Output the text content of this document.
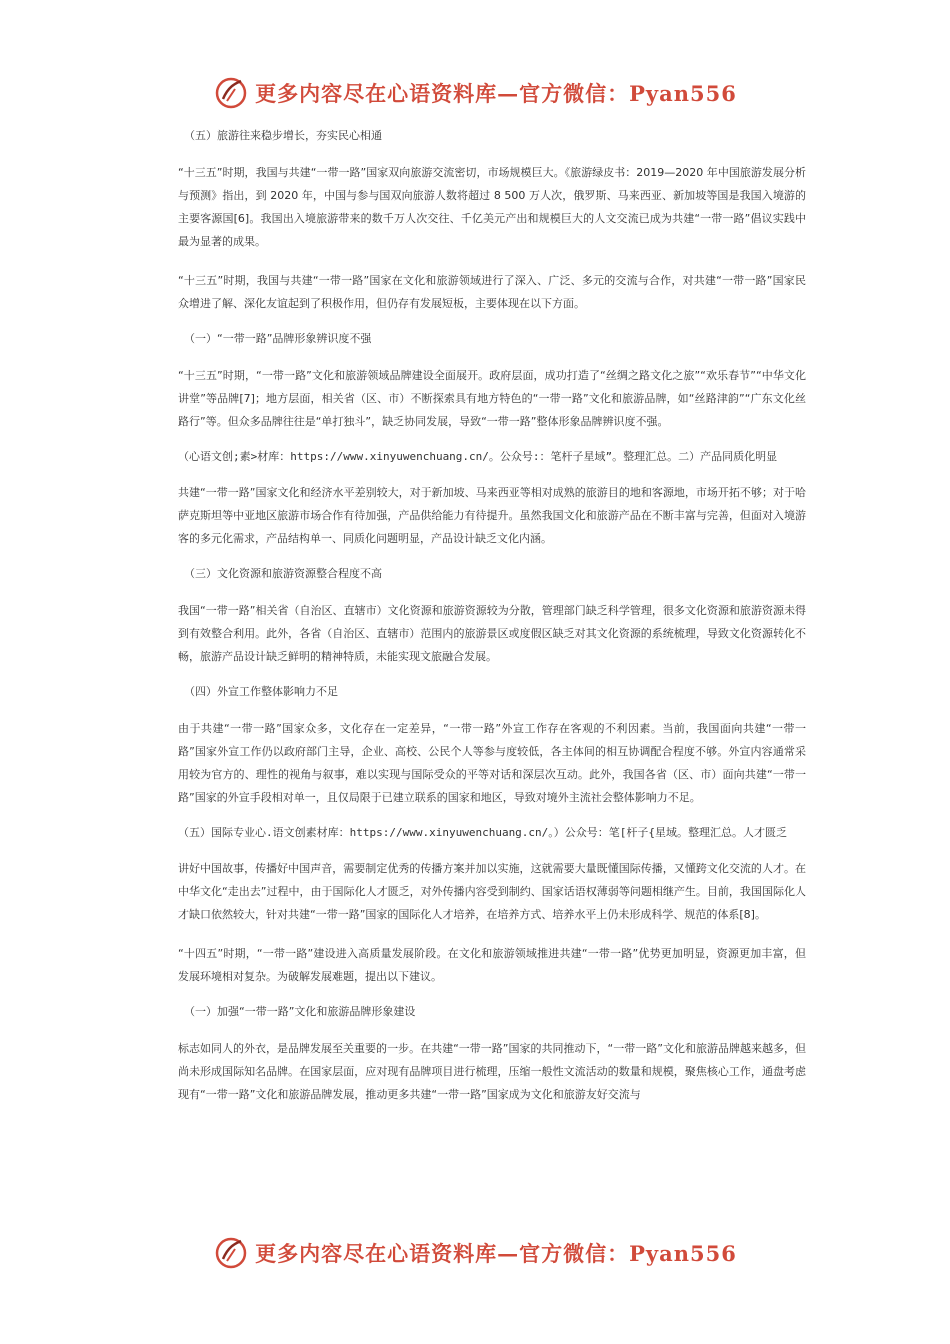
更多内容尽在心语资料库—官方微信：Pyan556
（五）旅游往来稳步增长，夯实民心相通
“十三五”时期，我国与共建“一带一路”国家双向旅游交流密切，市场规模巨大。《旅游绿皮书：2019—2020 年中国旅游发展分析与预测》指出，到 2020 年，中国与参与国双向旅游人数将超过 8 500 万人次，俄罗斯、马来西亚、新加坡等国是我国入境游的主要客源国[6]。我国出入境旅游带来的数千万人次交往、千亿美元产出和规模巨大的人文交流已成为共建“一带一路”倡议实践中最为显著的成果。
“十三五”时期，我国与共建“一带一路”国家在文化和旅游领域进行了深入、广泛、多元的交流与合作，对共建“一带一路”国家民众增进了解、深化友谊起到了积极作用，但仍存有发展短板，主要体现在以下方面。
（一）“一带一路”品牌形象辨识度不强
“十三五”时期，“一带一路”文化和旅游领域品牌建设全面展开。政府层面，成功打造了“丝绸之路文化之旅”“欢乐春节”“中华文化讲堂”等品牌[7]；地方层面，相关省（区、市）不断探索具有地方特色的“一带一路”文化和旅游品牌，如“丝路津韵”“广东文化丝路行”等。但众多品牌往往是“单打独斗”，缺乏协同发展，导致“一带一路”整体形象品牌辨识度不强。
（心语文创;素>材库：https://www.xinyuwenchuang.cn/。公众号:：笔杆子星域”。整理汇总。二）产品同质化明显
共建“一带一路”国家文化和经济水平差别较大，对于新加坡、马来西亚等相对成熟的旅游目的地和客源地，市场开拓不够；对于哈萨克斯坦等中亚地区旅游市场合作有待加强，产品供给能力有待提升。虽然我国文化和旅游产品在不断丰富与完善，但面对入境游客的多元化需求，产品结构单一、同质化问题明显，产品设计缺乏文化内涵。
（三）文化资源和旅游资源整合程度不高
我国“一带一路”相关省（自治区、直辖市）文化资源和旅游资源较为分散，管理部门缺乏科学管理，很多文化资源和旅游资源未得到有效整合利用。此外，各省（自治区、直辖市）范围内的旅游景区或度假区缺乏对其文化资源的系统梳理，导致文化资源转化不畅，旅游产品设计缺乏鲜明的精神特质，未能实现文旅融合发展。
（四）外宣工作整体影响力不足
由于共建“一带一路”国家众多，文化存在一定差异，“一带一路”外宣工作存在客观的不利因素。当前，我国面向共建“一带一路”国家外宣工作仍以政府部门主导，企业、高校、公民个人等参与度较低，各主体间的相互协调配合程度不够。外宣内容通常采用较为官方的、理性的视角与叙事，难以实现与国际受众的平等对话和深层次互动。此外，我国各省（区、市）面向共建“一带一路”国家的外宣手段相对单一，且仅局限于已建立联系的国家和地区，导致对境外主流社会整体影响力不足。
（五）国际专业心.语文创素材库：https://www.xinyuwenchuang.cn/。）公众号：笔[杆子{星域。整理汇总。人才匮乏
讲好中国故事，传播好中国声音，需要制定优秀的传播方案并加以实施，这就需要大量既懂国际传播，又懂跨文化交流的人才。在中华文化“走出去”过程中，由于国际化人才匮乏，对外传播内容受到制约、国家话语权薄弱等问题相继产生。目前，我国国际化人才缺口依然较大，针对共建“一带一路”国家的国际化人才培养，在培养方式、培养水平上仍未形成科学、规范的体系[8]。
“十四五”时期，“一带一路”建设进入高质量发展阶段。在文化和旅游领域推进共建“一带一路”优势更加明显，资源更加丰富，但发展环境相对复杂。为破解发展难题，提出以下建议。
（一）加强“一带一路”文化和旅游品牌形象建设
标志如同人的外衣，是品牌发展至关重要的一步。在共建“一带一路”国家的共同推动下，“一带一路”文化和旅游品牌越来越多，但尚未形成国际知名品牌。在国家层面，应对现有品牌项目进行梳理，压缩一般性文流活动的数量和规模，聚焦核心工作，通盘考虑现有“一带一路”文化和旅游品牌发展，推动更多共建“一带一路”国家成为文化和旅游友好交流与
更多内容尽在心语资料库—官方微信：Pyan556
